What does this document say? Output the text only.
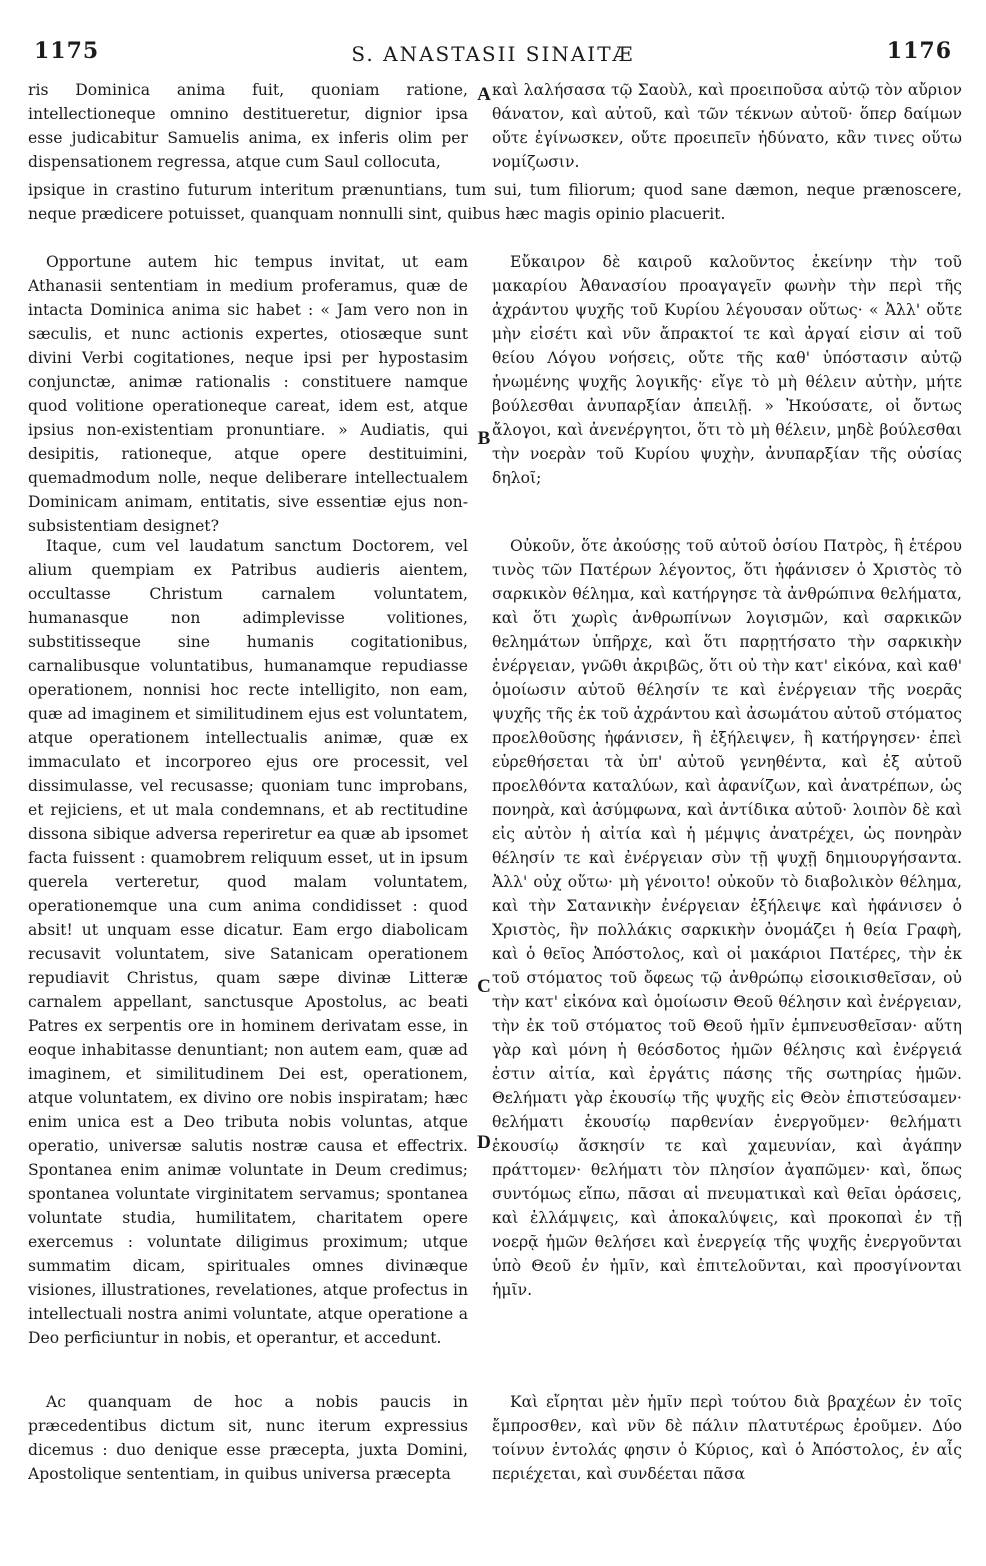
1175	S. ANASTASII SINAITÆ	1176

ris Dominica anima fuit, quoniam ratione, intellectioneque omnino destitueretur, dignior ipsa esse judicabitur Samuelis anima, ex inferis olim per dispensationem regressa, atque cum Saul collocuta,

καὶ λαλήσασα τῷ Σαοὺλ, καὶ προειποῦσα αὐτῷ τὸν αὔριον θάνατον, καὶ αὐτοῦ, καὶ τῶν τέκνων αὐτοῦ· ὅπερ δαίμων οὔτε ἐγίνωσκεν, οὔτε προειπεῖν ἠδύνατο, κἂν τινες οὕτω νομίζωσιν.

ipsique in crastino futurum interitum prænuntians, tum sui, tum filiorum; quod sane dæmon, neque prænoscere, neque prædicere potuisset, quanquam nonnulli sint, quibus hæc magis opinio placuerit.

Opportune autem hic tempus invitat, ut eam Athanasii sententiam in medium proferamus, quæ de intacta Dominica anima sic habet : « Jam vero non in sæculis, et nunc actionis expertes, otiosæque sunt divini Verbi cogitationes, neque ipsi per hypostasim conjunctæ, animæ rationalis : constituere namque quod volitione operationeque careat, idem est, atque ipsius non-existentiam pronuntiare. » Audiatis, qui desipitis, rationeque, atque opere destituimini, quemadmodum nolle, neque deliberare intellectualem Dominicam animam, entitatis, sive essentiæ ejus non-subsistentiam designet?

Εὔκαιρον δὲ καιροῦ καλοῦντος ἐκείνην τὴν τοῦ μακαρίου Ἀθανασίου προαγαγεῖν φωνὴν τὴν περὶ τῆς ἀχράντου ψυχῆς τοῦ Κυρίου λέγουσαν οὕτως· « Ἀλλ' οὔτε μὴν εἰσέτι καὶ νῦν ἄπρακτοί τε καὶ ἀργαί εἰσιν αἱ τοῦ θείου Λόγου νοήσεις, οὔτε τῆς καθ' ὑπόστασιν αὐτῷ ἡνωμένης ψυχῆς λογικῆς· εἴγε τὸ μὴ θέλειν αὐτὴν, μήτε βούλεσθαι ἀνυπαρξίαν ἀπειλῇ. » Ἠκούσατε, οἱ ὄντως ἄλογοι, καὶ ἀνενέργητοι, ὅτι τὸ μὴ θέλειν, μηδὲ βούλεσθαι τὴν νοερὰν τοῦ Κυρίου ψυχὴν, ἀνυπαρξίαν τῆς οὐσίας δηλοῖ;

Itaque, cum vel laudatum sanctum Doctorem, vel alium quempiam ex Patribus audieris aientem, occultasse Christum carnalem voluntatem, humanasque non adimplevisse volitiones, substitisseque sine humanis cogitationibus, carnalibusque voluntatibus, humanamque repudiasse operationem, nonnisi hoc recte intelligito, non eam, quæ ad imaginem et similitudinem ejus est voluntatem, atque operationem intellectualis animæ, quæ ex immaculato et incorporeo ejus ore processit, vel dissimulasse, vel recusasse; quoniam tunc improbans, et rejiciens, et ut mala condemnans, et ab rectitudine dissona sibique adversa reperiretur ea quæ ab ipsomet facta fuissent : quamobrem reliquum esset, ut in ipsum querela verteretur, quod malam voluntatem, operationemque una cum anima condidisset : quod absit! ut unquam esse dicatur. Eam ergo diabolicam recusavit voluntatem, sive Satanicam operationem repudiavit Christus, quam sæpe divinæ Litteræ carnalem appellant, sanctusque Apostolus, ac beati Patres ex serpentis ore in hominem derivatam esse, in eoque inhabitasse denuntiant; non autem eam, quæ ad imaginem, et similitudinem Dei est, operationem, atque voluntatem, ex divino ore nobis inspiratam; hæc enim unica est a Deo tributa nobis voluntas, atque operatio, universæ salutis nostræ causa et effectrix. Spontanea enim animæ voluntate in Deum credimus; spontanea voluntate virginitatem servamus; spontanea voluntate studia, humilitatem, charitatem opere exercemus : voluntate diligimus proximum; utque summatim dicam, spirituales omnes divinæque visiones, illustrationes, revelationes, atque profectus in intellectuali nostra animi voluntate, atque operatione a Deo perficiuntur in nobis, et operantur, et accedunt.

Οὐκοῦν, ὅτε ἀκούσῃς τοῦ αὐτοῦ ὁσίου Πατρὸς, ἢ ἑτέρου τινὸς τῶν Πατέρων λέγοντος, ὅτι ἠφάνισεν ὁ Χριστὸς τὸ σαρκικὸν θέλημα, καὶ κατήργησε τὰ ἀνθρώπινα θελήματα, καὶ ὅτι χωρὶς ἀνθρωπίνων λογισμῶν, καὶ σαρκικῶν θελημάτων ὑπῆρχε, καὶ ὅτι παρῃτήσατο τὴν σαρκικὴν ἐνέργειαν, γνῶθι ἀκριβῶς, ὅτι οὐ τὴν κατ' εἰκόνα, καὶ καθ' ὁμοίωσιν αὐτοῦ θέλησίν τε καὶ ἐνέργειαν τῆς νοερᾶς ψυχῆς τῆς ἐκ τοῦ ἀχράντου καὶ ἀσωμάτου αὐτοῦ στόματος προελθοῦσης ἠφάνισεν, ἢ ἐξήλειψεν, ἢ κατήργησεν· ἐπεὶ εὑρεθήσεται τὰ ὑπ' αὐτοῦ γενηθέντα, καὶ ἐξ αὐτοῦ προελθόντα καταλύων, καὶ ἀφανίζων, καὶ ἀνατρέπων, ὡς πονηρὰ, καὶ ἀσύμφωνα, καὶ ἀντίδικα αὐτοῦ· λοιπὸν δὲ καὶ εἰς αὐτὸν ἡ αἰτία καὶ ἡ μέμψις ἀνατρέχει, ὡς πονηρὰν θέλησίν τε καὶ ἐνέργειαν σὺν τῇ ψυχῇ δημιουργήσαντα. Ἀλλ' οὐχ οὕτω· μὴ γένοιτο! οὐκοῦν τὸ διαβολικὸν θέλημα, καὶ τὴν Σατανικὴν ἐνέργειαν ἐξήλειψε καὶ ἠφάνισεν ὁ Χριστὸς, ἣν πολλάκις σαρκικὴν ὀνομάζει ἡ θεία Γραφὴ, καὶ ὁ θεῖος Ἀπόστολος, καὶ οἱ μακάριοι Πατέρες, τὴν ἐκ τοῦ στόματος τοῦ ὄφεως τῷ ἀνθρώπῳ εἰσοικισθεῖσαν, οὐ τὴν κατ' εἰκόνα καὶ ὁμοίωσιν Θεοῦ θέλησιν καὶ ἐνέργειαν, τὴν ἐκ τοῦ στόματος τοῦ Θεοῦ ἡμῖν ἐμπνευσθεῖσαν· αὕτη γὰρ καὶ μόνη ἡ θεόσδοτος ἡμῶν θέλησις καὶ ἐνέργειά ἐστιν αἰτία, καὶ ἐργάτις πάσης τῆς σωτηρίας ἡμῶν. Θελήματι γὰρ ἑκουσίῳ τῆς ψυχῆς εἰς Θεὸν ἐπιστεύσαμεν· θελήματι ἑκουσίῳ παρθενίαν ἐνεργοῦμεν· θελήματι ἑκουσίῳ ἄσκησίν τε καὶ χαμευνίαν, καὶ ἀγάπην πράττομεν· θελήματι τὸν πλησίον ἀγαπῶμεν· καὶ, ὅπως συντόμως εἴπω, πᾶσαι αἱ πνευματικαὶ καὶ θεῖαι ὁράσεις, καὶ ἐλλάμψεις, καὶ ἀποκαλύψεις, καὶ προκοπαὶ ἐν τῇ νοερᾷ ἡμῶν θελήσει καὶ ἐνεργείᾳ τῆς ψυχῆς ἐνεργοῦνται ὑπὸ Θεοῦ ἐν ἡμῖν, καὶ ἐπιτελοῦνται, καὶ προσγίνονται ἡμῖν.

Ac quanquam de hoc a nobis paucis in præcedentibus dictum sit, nunc iterum expressius dicemus : duo denique esse præcepta, juxta Domini, Apostolique sententiam, in quibus universa præcepta

Καὶ εἴρηται μὲν ἡμῖν περὶ τούτου διὰ βραχέων ἐν τοῖς ἔμπροσθεν, καὶ νῦν δὲ πάλιν πλατυτέρως ἐροῦμεν. Δύο τοίνυν ἐντολάς φησιν ὁ Κύριος, καὶ ὁ Ἀπόστολος, ἐν αἷς περιέχεται, καὶ συνδέεται πᾶσα

A
B
C
D
